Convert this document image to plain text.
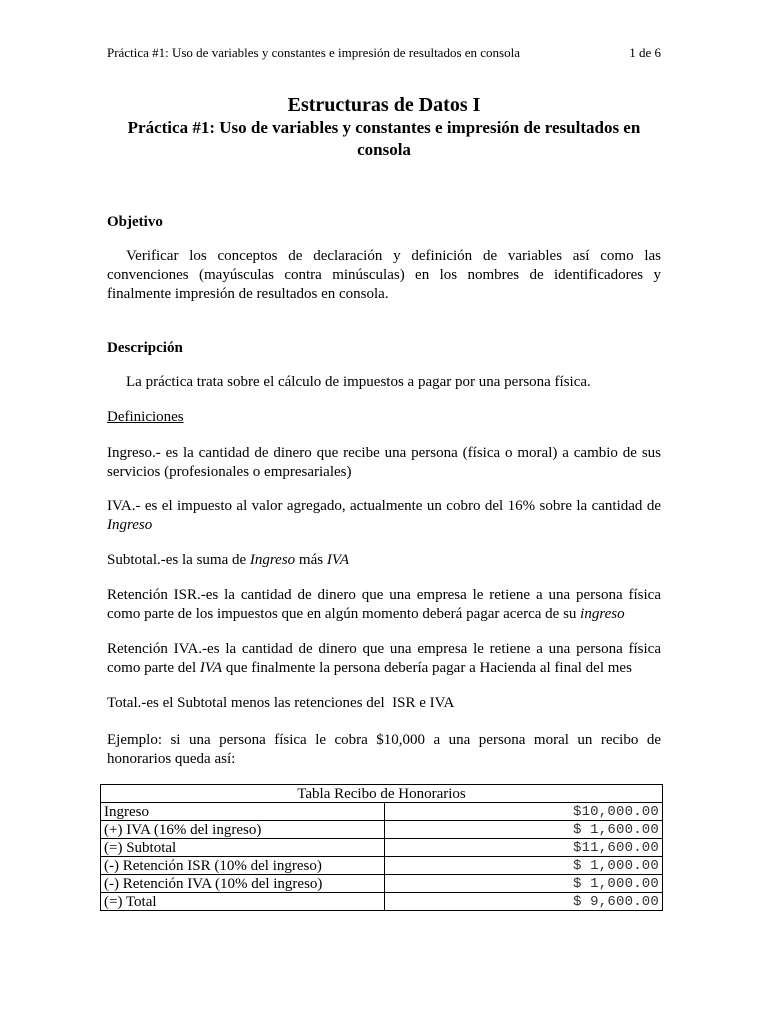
Práctica #1: Uso de variables y constantes e impresión de resultados en consola	1 de 6
Estructuras de Datos I
Práctica #1: Uso de variables y constantes e impresión de resultados en consola
Objetivo
Verificar los conceptos de declaración y definición de variables así como las convenciones (mayúsculas contra minúsculas) en los nombres de identificadores y finalmente impresión de resultados en consola.
Descripción
La práctica trata sobre el cálculo de impuestos a pagar por una persona física.
Definiciones
Ingreso.- es la cantidad de dinero que recibe una persona (física o moral) a cambio de sus servicios (profesionales o empresariales)
IVA.- es el impuesto al valor agregado, actualmente un cobro del 16% sobre la cantidad de Ingreso
Subtotal.-es la suma de Ingreso más IVA
Retención ISR.-es la cantidad de dinero que una empresa le retiene a una persona física como parte de los impuestos que en algún momento deberá pagar acerca de su ingreso
Retención IVA.-es la cantidad de dinero que una empresa le retiene a una persona física como parte del IVA que finalmente la persona debería pagar a Hacienda al final del mes
Total.-es el Subtotal menos las retenciones del  ISR e IVA
Ejemplo: si una persona física le cobra $10,000 a una persona moral un recibo de honorarios queda así:
Tabla Recibo de Honorarios	
Ingreso	$10,000.00
(+) IVA (16% del ingreso)	$ 1,600.00
(=) Subtotal	$11,600.00
(-) Retención ISR (10% del ingreso)	$ 1,000.00
(-) Retención IVA (10% del ingreso)	$ 1,000.00
(=) Total	$ 9,600.00
